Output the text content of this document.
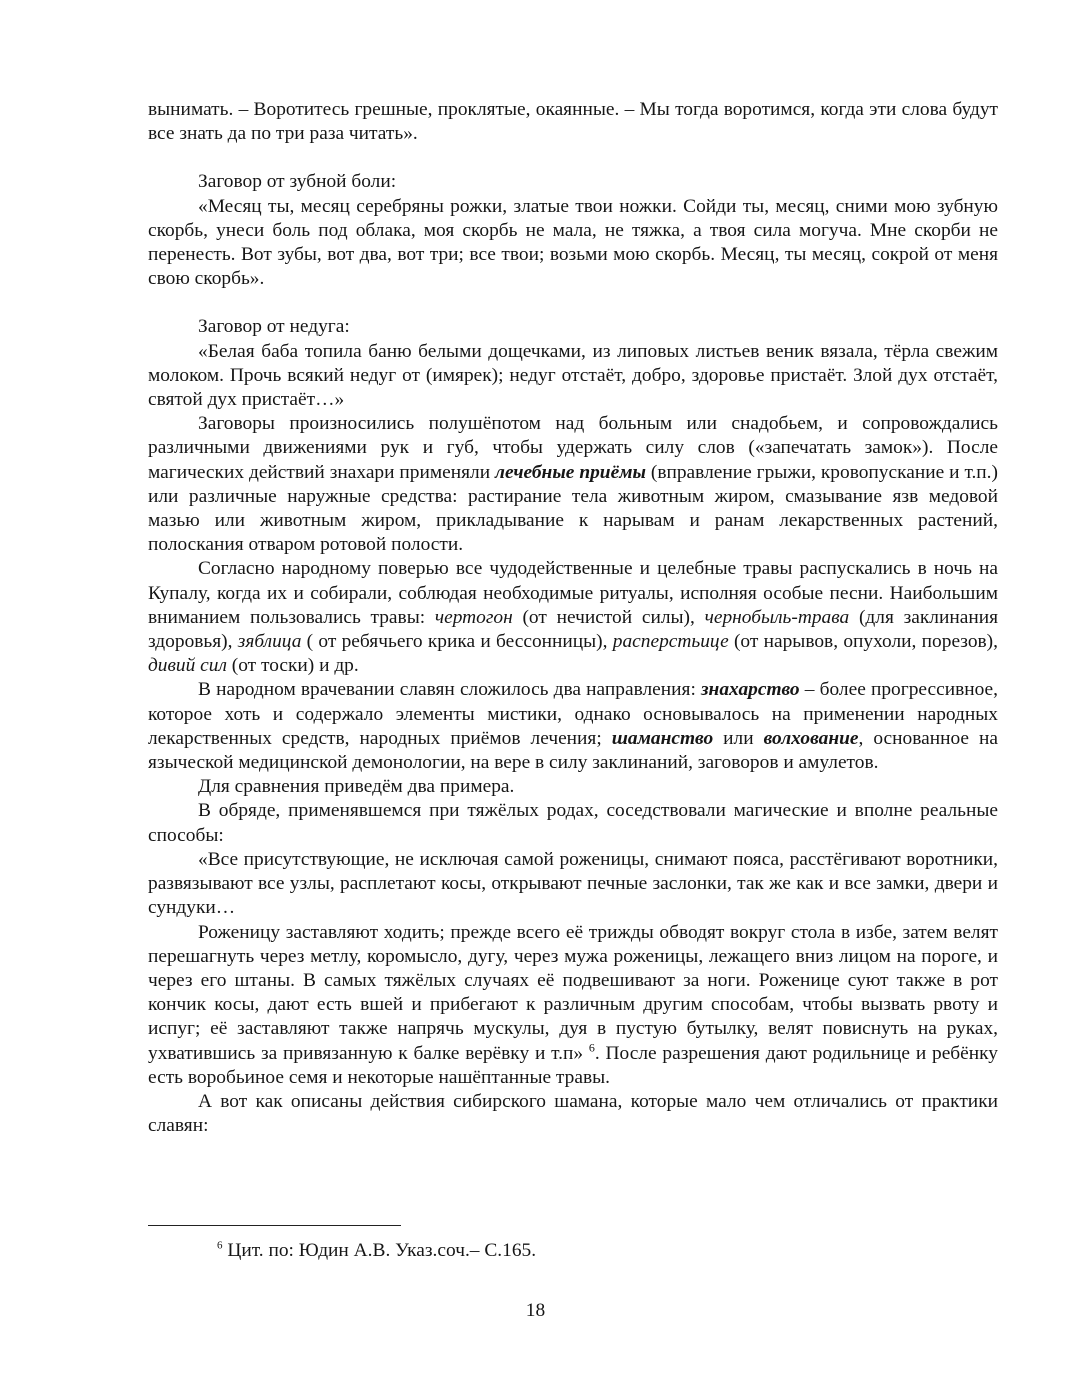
вынимать. – Воротитесь грешные, проклятые, окаянные. – Мы тогда воротимся, когда эти слова будут все знать да по три раза читать».

Заговор от зубной боли:

«Месяц ты, месяц серебряны рожки, златые твои ножки. Сойди ты, месяц, сними мою зубную скорбь, унеси боль под облака, моя скорбь не мала, не тяжка, а твоя сила могуча. Мне скорби не перенесть. Вот зубы, вот два, вот три; все твои; возьми мою скорбь. Месяц, ты месяц, сокрой от меня свою скорбь».

Заговор от недуга:

«Белая баба топила баню белыми дощечками, из липовых листьев веник вязала, тёрла свежим молоком. Прочь всякий недуг от (имярек); недуг отстаёт, добро, здоровье пристаёт. Злой дух отстаёт, святой дух пристаёт…»

Заговоры произносились полушёпотом над больным или снадобьем, и сопровождались различными движениями рук и губ, чтобы удержать силу слов («запечатать замок»). После магических действий знахари применяли лечебные приёмы (вправление грыжи, кровопускание и т.п.) или различные наружные средства: растирание тела животным жиром, смазывание язв медовой мазью или животным жиром, прикладывание к нарывам и ранам лекарственных растений, полоскания отваром ротовой полости.

Согласно народному поверью все чудодейственные и целебные травы распускались в ночь на Купалу, когда их и собирали, соблюдая необходимые ритуалы, исполняя особые песни. Наибольшим вниманием пользовались травы: чертогон (от нечистой силы), чернобыль-трава (для заклинания здоровья), зяблица ( от ребячьего крика и бессонницы), расперстьице (от нарывов, опухоли, порезов), дивий сил (от тоски) и др.

В народном врачевании славян сложилось два направления: знахарство – более прогрессивное, которое хоть и содержало элементы мистики, однако основывалось на применении народных лекарственных средств, народных приёмов лечения; шаманство или волхование, основанное на языческой медицинской демонологии, на вере в силу заклинаний, заговоров и амулетов.

Для сравнения приведём два примера.

В обряде, применявшемся при тяжёлых родах, соседствовали магические и вполне реальные способы:

«Все присутствующие, не исключая самой роженицы, снимают пояса, расстёгивают воротники, развязывают все узлы, расплетают косы, открывают печные заслонки, так же как и все замки, двери и сундуки…

Роженицу заставляют ходить; прежде всего её трижды обводят вокруг стола в избе, затем велят перешагнуть через метлу, коромысло, дугу, через мужа роженицы, лежащего вниз лицом на пороге, и через его штаны. В самых тяжёлых случаях её подвешивают за ноги. Роженице суют также в рот кончик косы, дают есть вшей и прибегают к различным другим способам, чтобы вызвать рвоту и испуг; её заставляют также напрячь мускулы, дуя в пустую бутылку, велят повиснуть на руках, ухватившись за привязанную к балке верёвку и т.п» $^6$. После разрешения дают родильнице и ребёнку есть воробьиное семя и некоторые нашёптанные травы.

А вот как описаны действия сибирского шамана, которые мало чем отличались от практики славян:

$^6$ Цит. по: Юдин А.В. Указ.соч.– С.165.
18
